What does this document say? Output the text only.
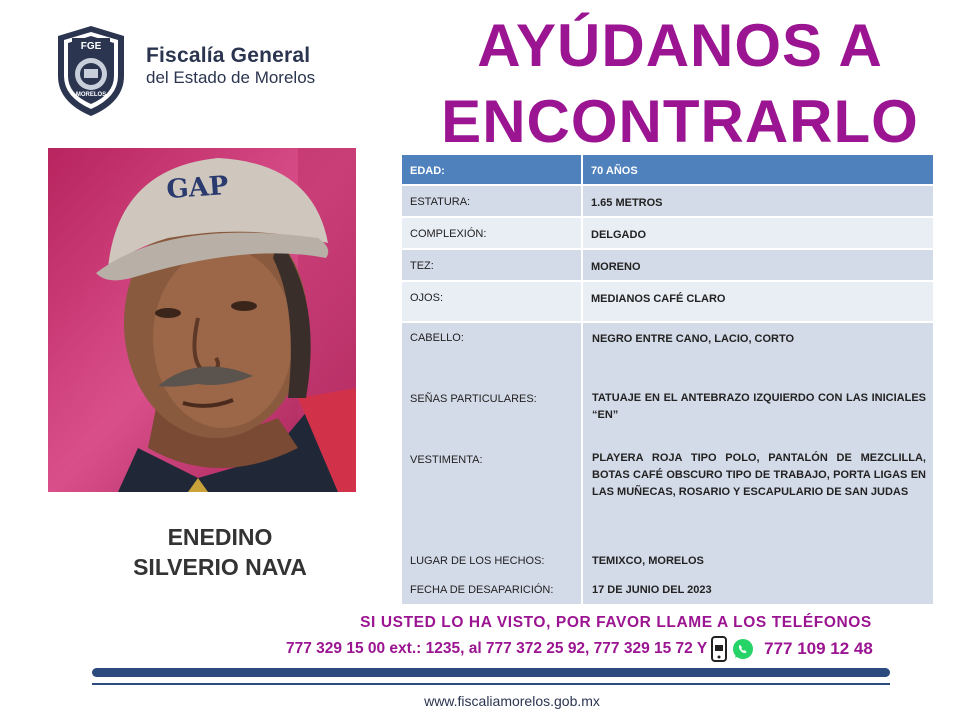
FGE
MORELOS
Fiscalía General
del Estado de Morelos	AYÚDANOS A
ENCONTRARLO
GAP
ENEDINO
SILVERIO NAVA
EDAD:	70 AÑOS
ESTATURA:	1.65 METROS
COMPLEXIÓN:	DELGADO
TEZ:	MORENO
OJOS:	MEDIANOS CAFÉ CLARO
CABELLO:	NEGRO ENTRE CANO, LACIO, CORTO
SEÑAS PARTICULARES:	TATUAJE EN EL ANTEBRAZO IZQUIERDO CON LAS INICIALES “EN”
VESTIMENTA:	PLAYERA ROJA TIPO POLO, PANTALÓN DE MEZCLILLA, BOTAS CAFÉ OBSCURO TIPO DE TRABAJO, PORTA LIGAS EN LAS MUÑECAS, ROSARIO Y ESCAPULARIO DE SAN JUDAS
LUGAR DE LOS HECHOS:	TEMIXCO, MORELOS
FECHA DE DESAPARICIÓN:	17 DE JUNIO DEL 2023
SI USTED LO HA VISTO, POR FAVOR LLAME A LOS TELÉFONOS
777 329 15 00 ext.: 1235, al 777 372 25 92, 777 329 15 72 Y	777 109 12 48
www.fiscaliamorelos.gob.mx
